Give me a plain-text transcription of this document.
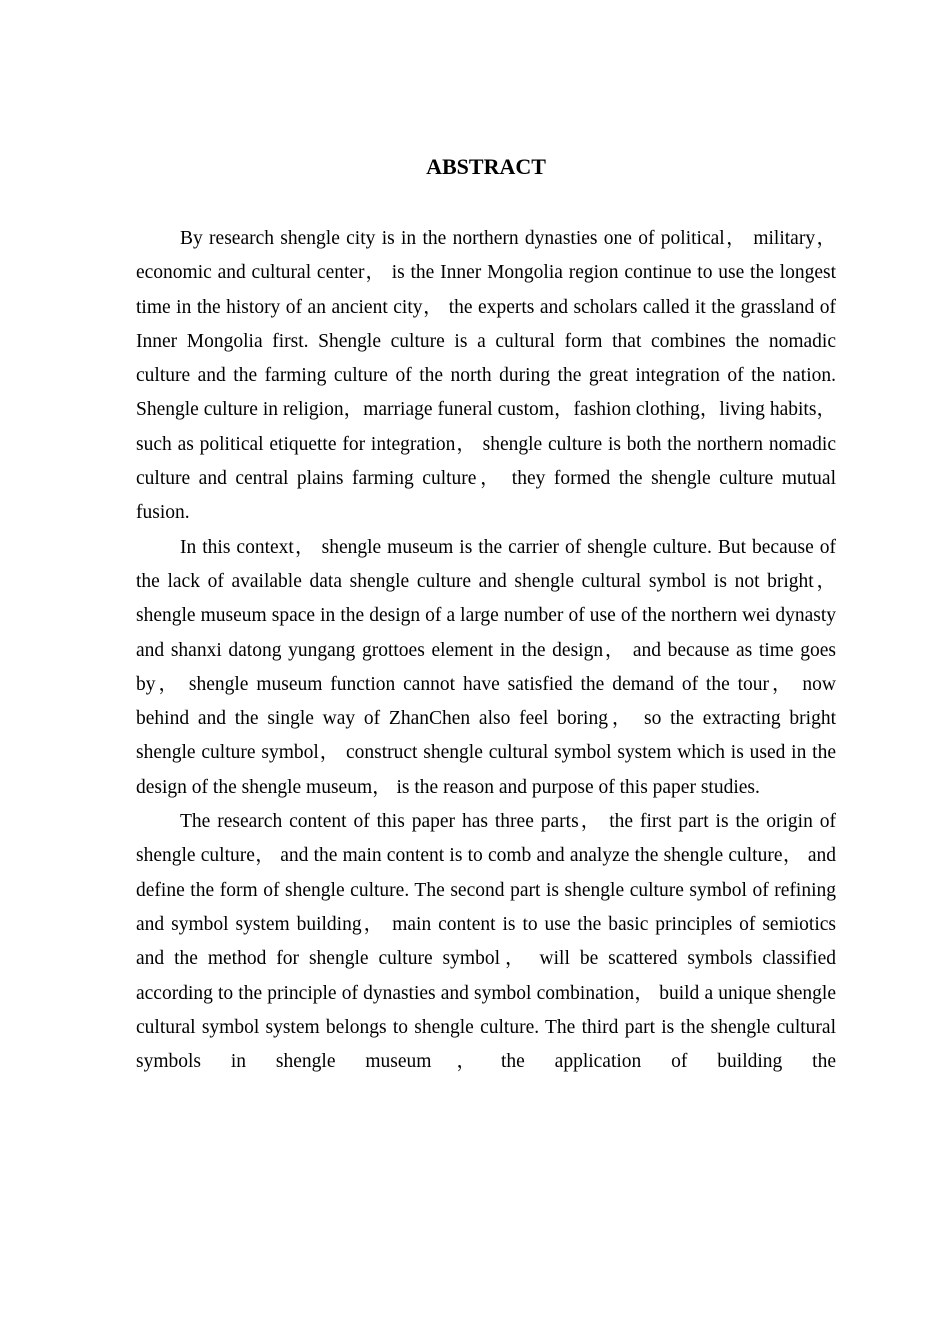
ABSTRACT

By research shengle city is in the northern dynasties one of political， military， economic and cultural center， is the Inner Mongolia region continue to use the longest time in the history of an ancient city， the experts and scholars called it the grassland of Inner Mongolia first. Shengle culture is a cultural form that combines the nomadic culture and the farming culture of the north during the great integration of the nation. Shengle culture in religion，marriage funeral custom，fashion clothing，living habits，such as political etiquette for integration， shengle culture is both the northern nomadic culture and central plains farming culture， they formed the shengle culture mutual fusion.

In this context， shengle museum is the carrier of shengle culture. But because of the lack of available data shengle culture and shengle cultural symbol is not bright，shengle museum space in the design of a large number of use of the northern wei dynasty and shanxi datong yungang grottoes element in the design， and because as time goes by， shengle museum function cannot have satisfied the demand of the tour， now behind and the single way of ZhanChen also feel boring， so the extracting bright shengle culture symbol， construct shengle cultural symbol system which is used in the design of the shengle museum， is the reason and purpose of this paper studies.

The research content of this paper has three parts， the first part is the origin of shengle culture， and the main content is to comb and analyze the shengle culture， and define the form of shengle culture. The second part is shengle culture symbol of refining and symbol system building， main content is to use the basic principles of semiotics and the method for shengle culture symbol， will be scattered symbols classified according to the principle of dynasties and symbol combination， build a unique shengle cultural symbol system belongs to shengle culture. The third part is the shengle cultural symbols in shengle museum，the application of building the
